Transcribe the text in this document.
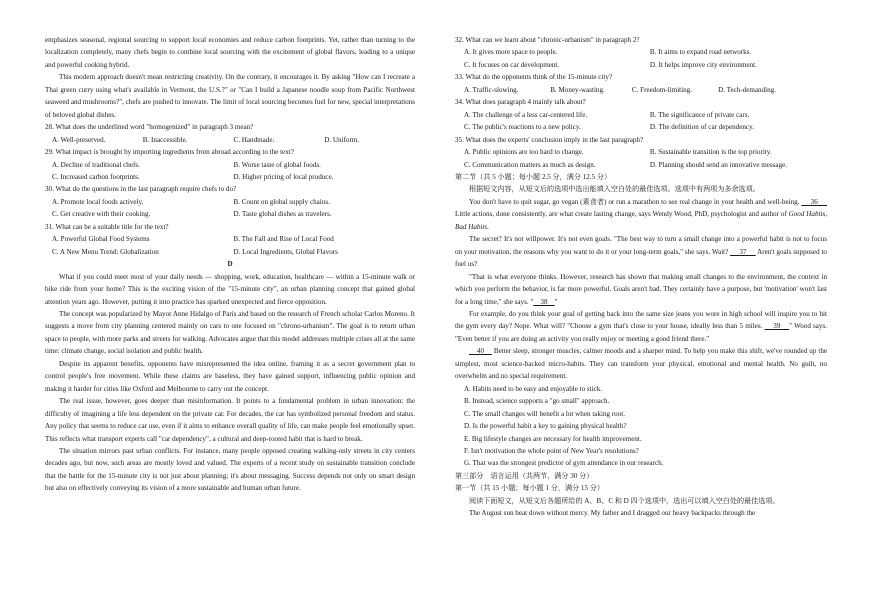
emphasizes seasonal, regional sourcing to support local economies and reduce carbon footprints. Yet, rather than turning to the localization completely, many chefs begin to combine local sourcing with the excitement of global flavors, leading to a unique and powerful cooking hybrid.

This modern approach doesn't mean restricting creativity. On the contrary, it encourages it. By asking "How can I recreate a Thai green curry using what's available in Vermont, the U.S.?" or "Can I build a Japanese noodle soup from Pacific Northwest seaweed and mushrooms?", chefs are pushed to innovate. The limit of local sourcing becomes fuel for new, special interpretations of beloved global dishes.

28. What does the underlined word "homogenized" in paragraph 3 mean?

A. Well-preserved.	B. Inaccessible.	C. Handmade.	D. Uniform.

29. What impact is brought by importing ingredients from abroad according to the text?

A. Decline of traditional chefs.	B. Worse taste of global foods.
C. Increased carbon footprints.	D. Higher pricing of local produce.

30. What do the questions in the last paragraph require chefs to do?

A. Promote local foods actively.	B. Count on global supply chains.
C. Get creative with their cooking.	D. Taste global dishes as travelers.

31. What can be a suitable title for the text?

A. Powerful Global Food Systems	B. The Fall and Rise of Local Food
C. A New Menu Trend: Globalization	D. Local Ingredients, Global Flavors

D

What if you could meet most of your daily needs — shopping, work, education, healthcare — within a 15-minute walk or bike ride from your home? This is the exciting vision of the "15-minute city", an urban planning concept that gained global attention years ago. However, putting it into practice has sparked unexpected and fierce opposition.

The concept was popularized by Mayor Anne Hidalgo of Paris and based on the research of French scholar Carlos Moreno. It suggests a move from city planning centered mainly on cars to one focused on "chrono-urbanism". The goal is to return urban space to people, with more parks and streets for walking. Advocates argue that this model addresses multiple crises all at the same time: climate change, social isolation and public health.

Despite its apparent benefits, opponents have misrepresented the idea online, framing it as a secret government plan to control people's free movement. While these claims are baseless, they have gained support, influencing public opinion and making it harder for cities like Oxford and Melbourne to carry out the concept.

The real issue, however, goes deeper than misinformation. It points to a fundamental problem in urban innovation: the difficulty of imagining a life less dependent on the private car. For decades, the car has symbolized personal freedom and status. Any policy that seems to reduce car use, even if it aims to enhance overall quality of life, can make people feel emotionally upset. This reflects what transport experts call "car dependency", a cultural and deep-rooted habit that is hard to break.

The situation mirrors past urban conflicts. For instance, many people opposed creating walking-only streets in city centers decades ago, but now, such areas are mostly loved and valued. The experts of a recent study on sustainable transition conclude that the battle for the 15-minute city is not just about planning; it's about messaging. Success depends not only on smart design but also on effectively conveying its vision of a more sustainable and human urban future.

32. What can we learn about "chronic-urbanism" in paragraph 2?

A. It gives more space to people.	B. It aims to expand road networks.
C. It focuses on car development.	D. It helps improve city environment.

33. What do the opponents think of the 15-minute city?

A. Traffic-slowing.	B. Money-wasting.	C. Freedom-limiting.	D. Tech-demanding.

34. What does paragraph 4 mainly talk about?

A. The challenge of a less car-centered life.	B. The significance of private cars.
C. The public's reactions to a new policy.	D. The definition of car dependency.

35. What does the experts' conclusion imply in the last paragraph?

A. Public opinions are too hard to change.	B. Sustainable transition is the top priority.
C. Communication matters as much as design.	D. Planning should send an innovative message.

第二节（共 5 小题；每小题 2.5 分，满分 12.5 分）

根据短文内容，从短文后的选项中选出能填入空白处的最佳选项。选项中有两项为多余选项。

You don't have to quit sugar, go vegan (素食者) or run a marathon to see real change in your health and well-being.      36      Little actions, done consistently, are what create lasting change, says Wendy Wood, PhD, psychologist and author of Good Habits, Bad Habits.

The secret? It's not willpower. It's not even goals. "The best way to turn a small change into a powerful habit is not to focus on your motivation, the reasons why you want to do it or your long-term goals," she says. Wait?      37      Aren't goals supposed to fuel us?

"That is what everyone thinks. However, research has shown that making small changes to the environment, the context in which you perform the behavior, is far more powerful. Goals aren't bad. They certainly have a purpose, but 'motivation' won't last for a long time," she says. " 38 "

For example, do you think your goal of getting back into the same size jeans you wore in high school will inspire you to hit the gym every day? Nope. What will? "Choose a gym that's close to your house, ideally less than 5 miles.     39 " Wood says. "Even better if you are doing an activity you really enjoy or meeting a good friend there."

40     Better sleep, stronger muscles, calmer moods and a sharper mind. To help you make this shift, we've rounded up the simplest, most science-backed micro-habits. They can transform your physical, emotional and mental health. No guilt, no overwhelm and no special requirement.

A. Habits need to be easy and enjoyable to stick.

B. Instead, science supports a "go small" approach.

C. The small changes will benefit a lot when taking root.

D. Is the powerful habit a key to gaining physical health?

E. Big lifestyle changes are necessary for health improvement.

F. Isn't motivation the whole point of New Year's resolutions?

G. That was the strongest predictor of gym attendance in our research.

第三部分　语言运用（共两节，满分 30 分）

第一节（共 15 小题；每小题 1 分，满分 15 分）

阅读下面短文，从短文后各题所给的 A、B、C 和 D 四个选项中，选出可以填入空白处的最佳选项。

The August sun beat down without mercy. My father and I dragged our heavy backpacks through the
